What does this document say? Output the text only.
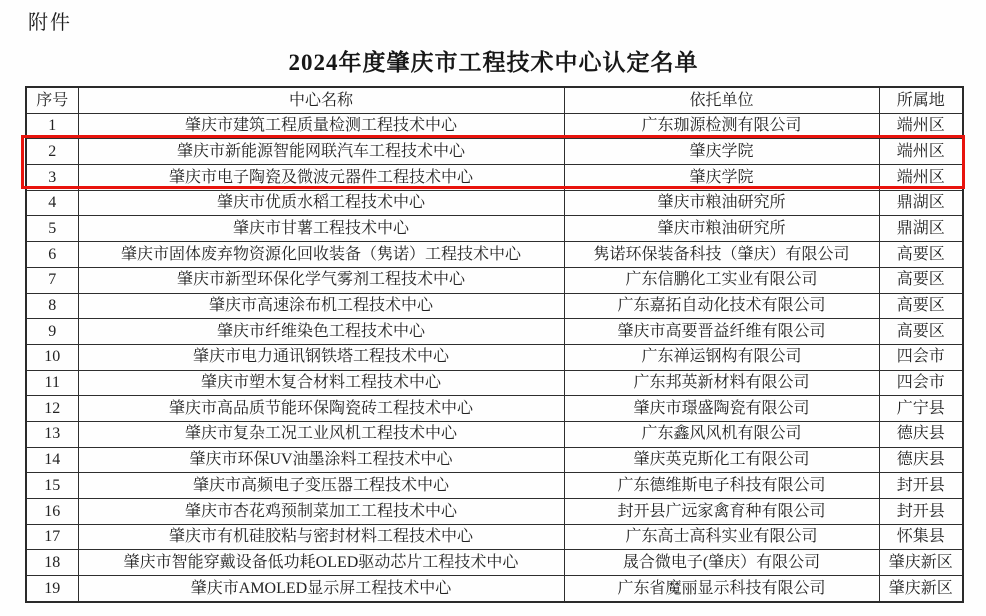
附件
2024年度肇庆市工程技术中心认定名单
序号	中心名称	依托单位	所属地
1	肇庆市建筑工程质量检测工程技术中心	广东珈源检测有限公司	端州区
2	肇庆市新能源智能网联汽车工程技术中心	肇庆学院	端州区
3	肇庆市电子陶瓷及微波元器件工程技术中心	肇庆学院	端州区
4	肇庆市优质水稻工程技术中心	肇庆市粮油研究所	鼎湖区
5	肇庆市甘薯工程技术中心	肇庆市粮油研究所	鼎湖区
6	肇庆市固体废弃物资源化回收装备（隽诺）工程技术中心	隽诺环保装备科技（肇庆）有限公司	高要区
7	肇庆市新型环保化学气雾剂工程技术中心	广东信鹏化工实业有限公司	高要区
8	肇庆市高速涂布机工程技术中心	广东嘉拓自动化技术有限公司	高要区
9	肇庆市纤维染色工程技术中心	肇庆市高要晋益纤维有限公司	高要区
10	肇庆市电力通讯钢铁塔工程技术中心	广东禅运钢构有限公司	四会市
11	肇庆市塑木复合材料工程技术中心	广东邦英新材料有限公司	四会市
12	肇庆市高品质节能环保陶瓷砖工程技术中心	肇庆市璟盛陶瓷有限公司	广宁县
13	肇庆市复杂工况工业风机工程技术中心	广东鑫风风机有限公司	德庆县
14	肇庆市环保UV油墨涂料工程技术中心	肇庆英克斯化工有限公司	德庆县
15	肇庆市高频电子变压器工程技术中心	广东德维斯电子科技有限公司	封开县
16	肇庆市杏花鸡预制菜加工工程技术中心	封开县广远家禽育种有限公司	封开县
17	肇庆市有机硅胶粘与密封材料工程技术中心	广东高士高科实业有限公司	怀集县
18	肇庆市智能穿戴设备低功耗OLED驱动芯片工程技术中心	晟合微电子(肇庆）有限公司	肇庆新区
19	肇庆市AMOLED显示屏工程技术中心	广东省魔丽显示科技有限公司	肇庆新区
